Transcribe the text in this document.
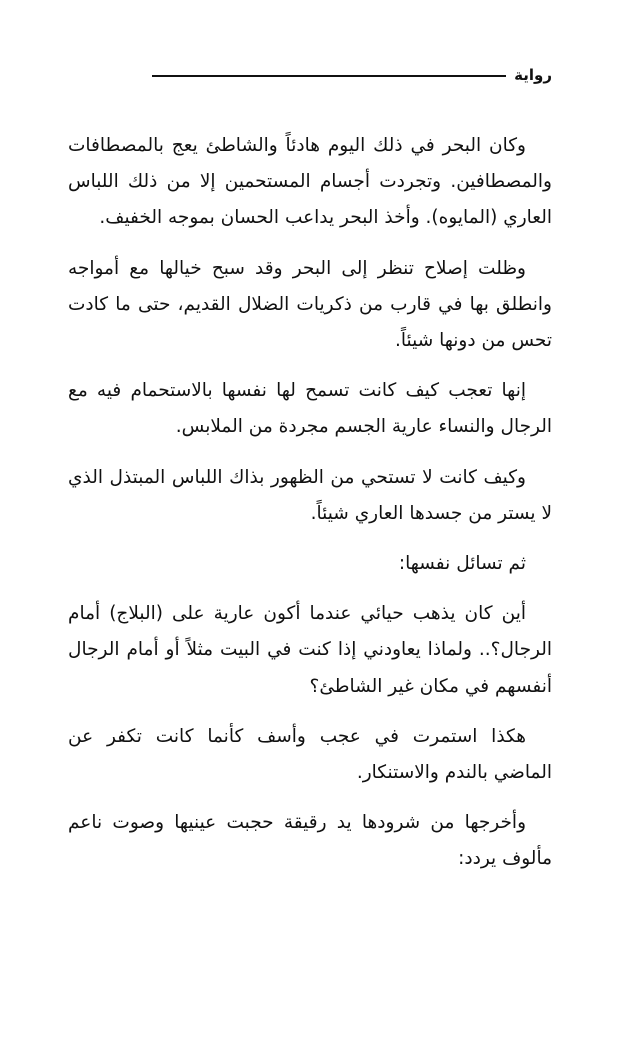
رواية

وكان البحر في ذلك اليوم هادئاً والشاطئ يعج بالمصطافات والمصطافين. وتجردت أجسام المستحمين إلا من ذلك اللباس العاري (المايوه). وأخذ البحر يداعب الحسان بموجه الخفيف.

وظلت إصلاح تنظر إلى البحر وقد سبح خيالها مع أمواجه وانطلق بها في قارب من ذكريات الضلال القديم، حتى ما كادت تحس من دونها شيئاً.

إنها تعجب كيف كانت تسمح لها نفسها بالاستحمام فيه مع الرجال والنساء عارية الجسم مجردة من الملابس.

وكيف كانت لا تستحي من الظهور بذاك اللباس المبتذل الذي لا يستر من جسدها العاري شيئاً.

ثم تسائل نفسها:

أين كان يذهب حيائي عندما أكون عارية على (البلاج) أمام الرجال؟.. ولماذا يعاودني إذا كنت في البيت مثلاً أو أمام الرجال أنفسهم في مكان غير الشاطئ؟

هكذا استمرت في عجب وأسف كأنما كانت تكفر عن الماضي بالندم والاستنكار.

وأخرجها من شرودها يد رقيقة حجبت عينيها وصوت ناعم مألوف يردد:
